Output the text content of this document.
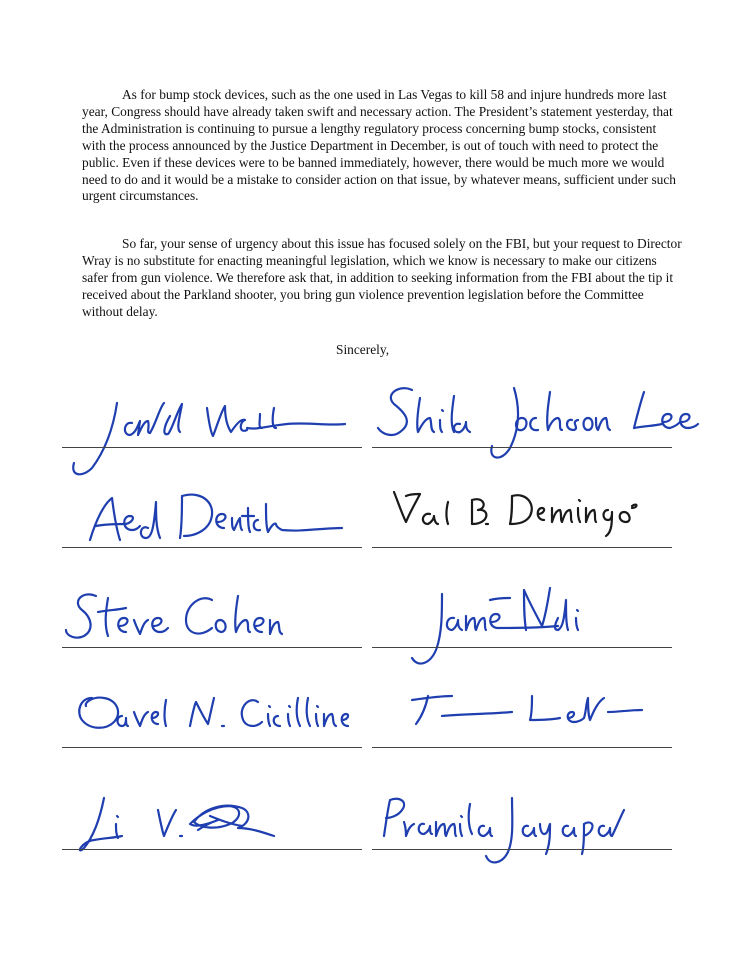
As for bump stock devices, such as the one used in Las Vegas to kill 58 and injure hundreds more last year, Congress should have already taken swift and necessary action. The President’s statement yesterday, that the Administration is continuing to pursue a lengthy regulatory process concerning bump stocks, consistent with the process announced by the Justice Department in December, is out of touch with need to protect the public. Even if these devices were to be banned immediately, however, there would be much more we would need to do and it would be a mistake to consider action on that issue, by whatever means, sufficient under such urgent circumstances.

So far, your sense of urgency about this issue has focused solely on the FBI, but your request to Director Wray is no substitute for enacting meaningful legislation, which we know is necessary to make our citizens safer from gun violence. We therefore ask that, in addition to seeking information from the FBI about the tip it received about the Parkland shooter, you bring gun violence prevention legislation before the Committee without delay.

Sincerely,
